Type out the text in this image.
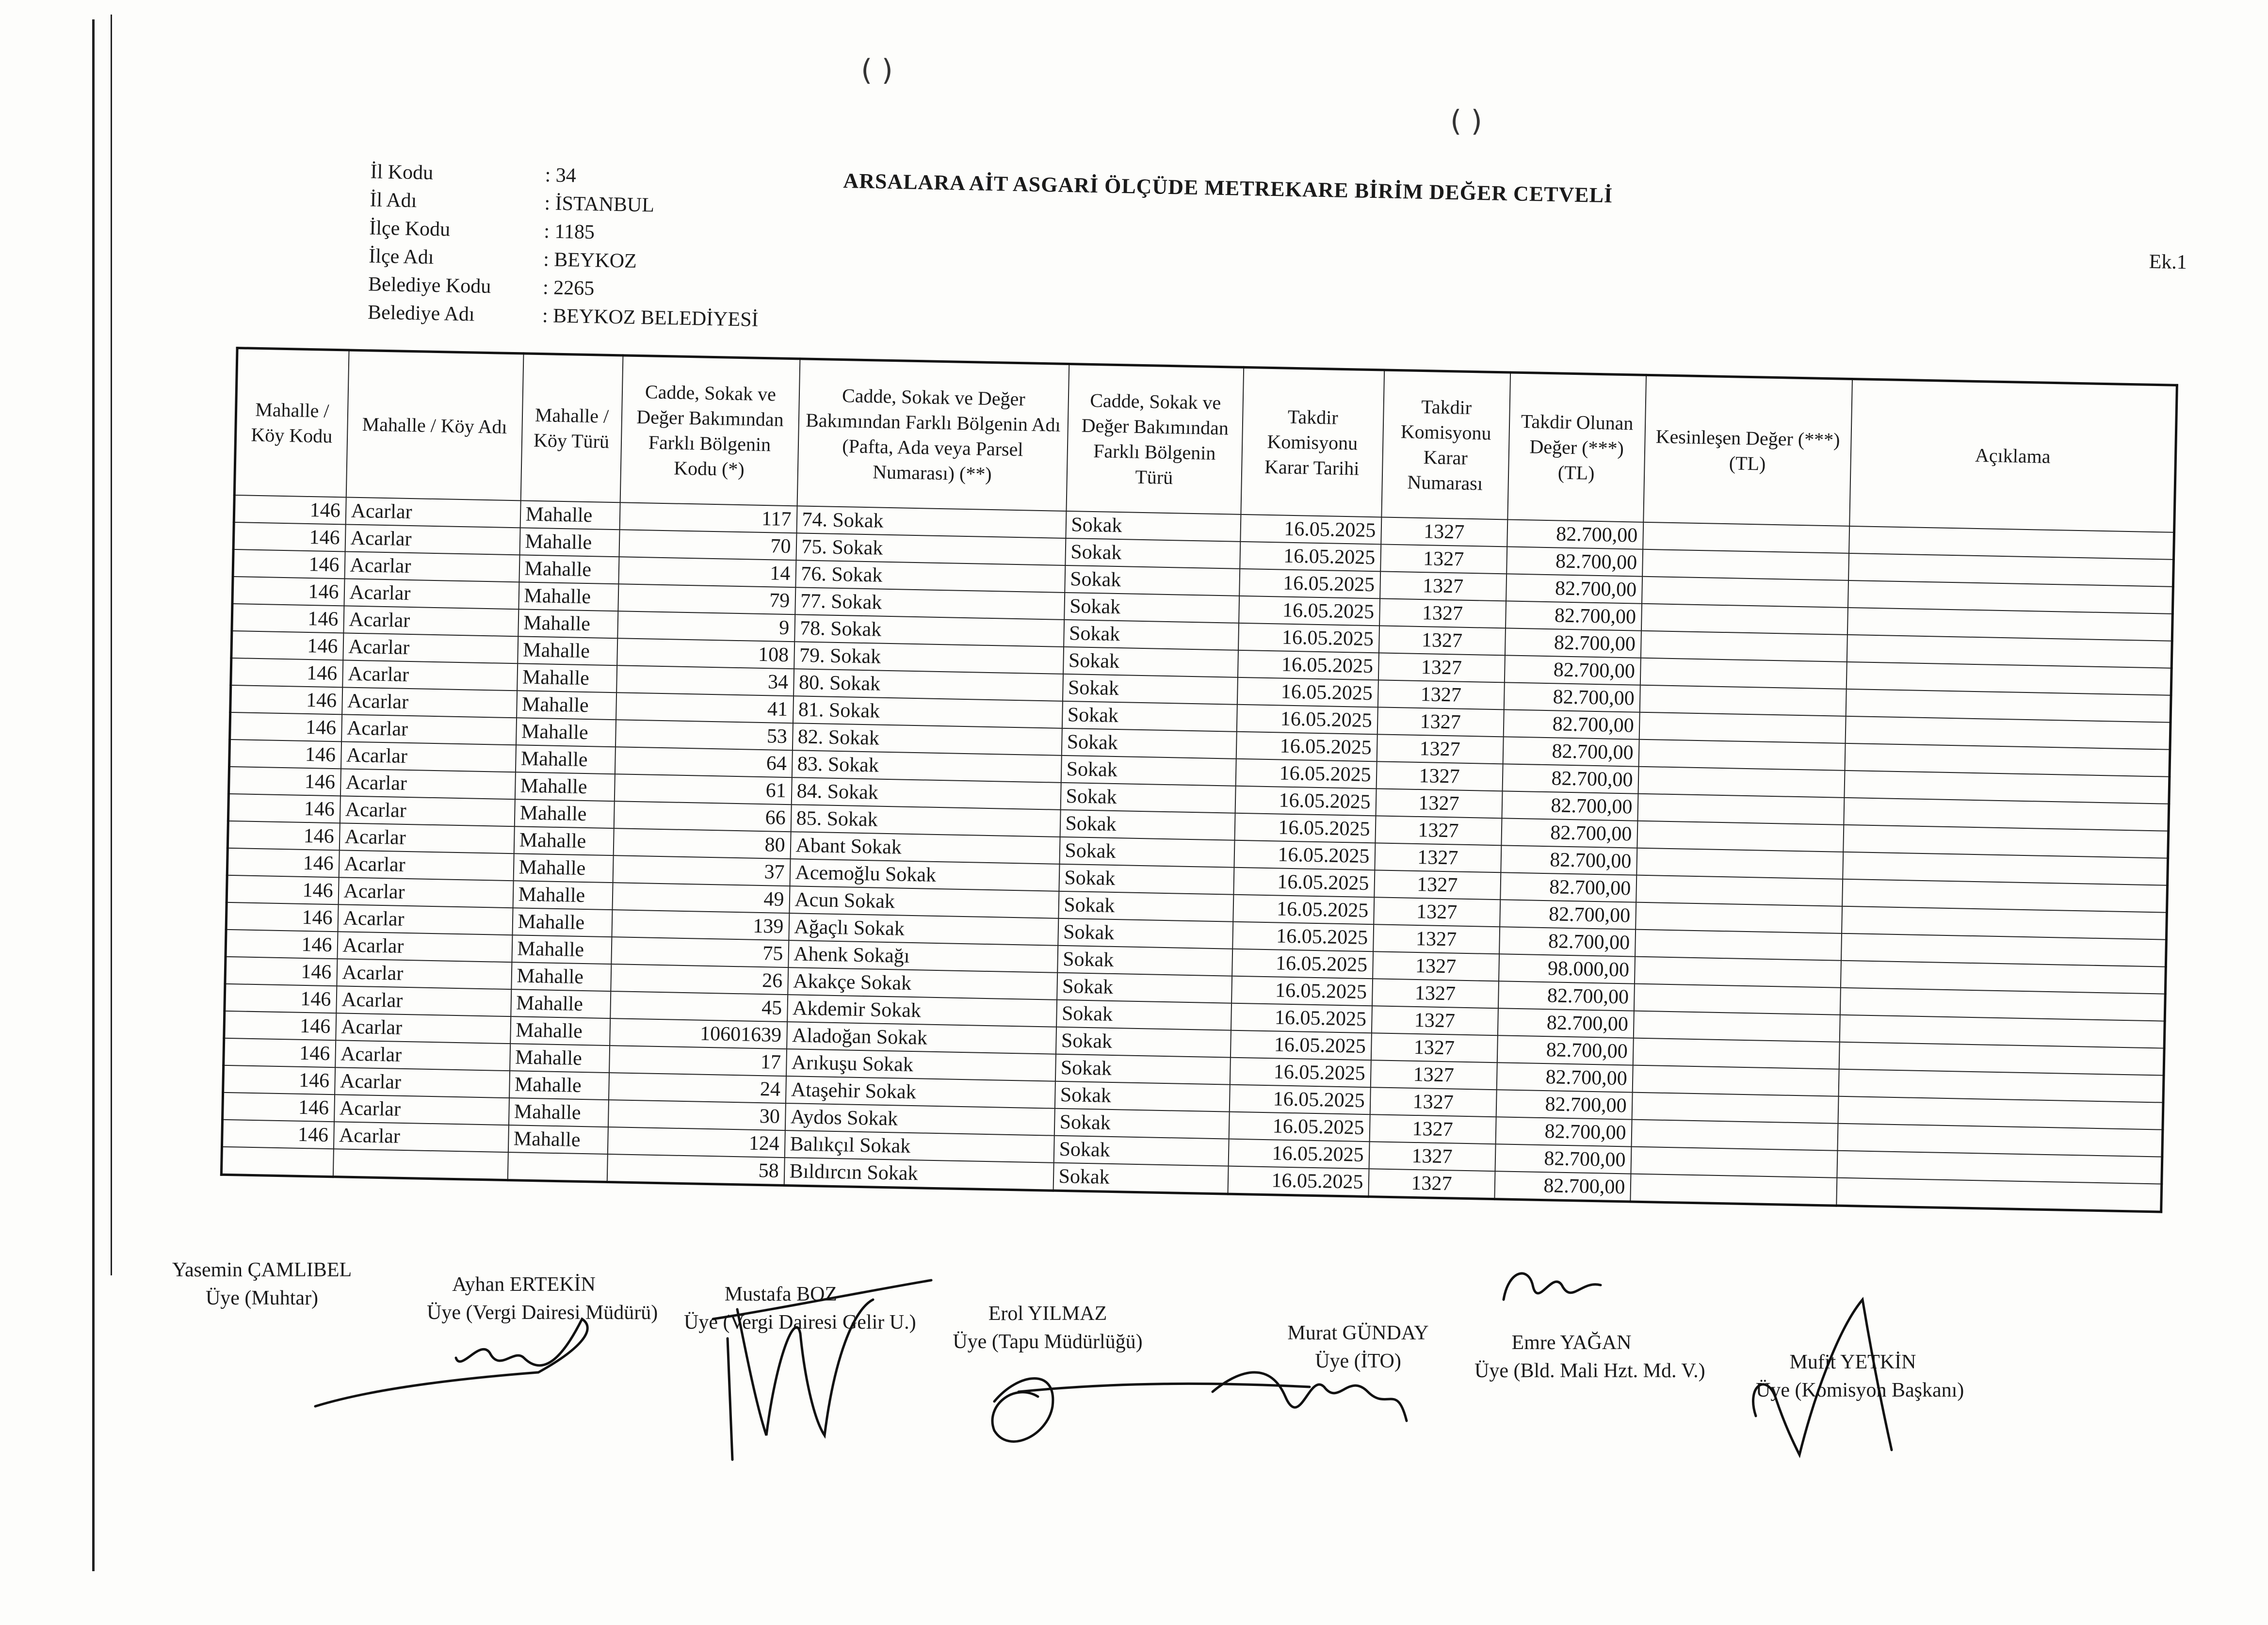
( )
( )
İl Kodu	: 34
İl Adı	: İSTANBUL
İlçe Kodu	: 1185
İlçe Adı	: BEYKOZ
Belediye Kodu	: 2265
Belediye Adı	: BEYKOZ BELEDİYESİ
ARSALARA AİT ASGARİ ÖLÇÜDE METREKARE BİRİM DEĞER CETVELİ
Ek.1
Mahalle / Köy Kodu	Mahalle / Köy Adı	Mahalle / Köy Türü	Cadde, Sokak ve Değer Bakımından Farklı Bölgenin Kodu (*)	Cadde, Sokak ve Değer Bakımından Farklı Bölgenin Adı (Pafta, Ada veya Parsel Numarası) (**)	Cadde, Sokak ve Değer Bakımından Farklı Bölgenin Türü	Takdir Komisyonu Karar Tarihi	Takdir Komisyonu Karar Numarası	Takdir Olunan Değer (***) (TL)	Kesinleşen Değer (***) (TL)	Açıklama
146	Acarlar	Mahalle	117	74. Sokak	Sokak	16.05.2025	1327	82.700,00		
146	Acarlar	Mahalle	70	75. Sokak	Sokak	16.05.2025	1327	82.700,00		
146	Acarlar	Mahalle	14	76. Sokak	Sokak	16.05.2025	1327	82.700,00		
146	Acarlar	Mahalle	79	77. Sokak	Sokak	16.05.2025	1327	82.700,00		
146	Acarlar	Mahalle	9	78. Sokak	Sokak	16.05.2025	1327	82.700,00		
146	Acarlar	Mahalle	108	79. Sokak	Sokak	16.05.2025	1327	82.700,00		
146	Acarlar	Mahalle	34	80. Sokak	Sokak	16.05.2025	1327	82.700,00		
146	Acarlar	Mahalle	41	81. Sokak	Sokak	16.05.2025	1327	82.700,00		
146	Acarlar	Mahalle	53	82. Sokak	Sokak	16.05.2025	1327	82.700,00		
146	Acarlar	Mahalle	64	83. Sokak	Sokak	16.05.2025	1327	82.700,00		
146	Acarlar	Mahalle	61	84. Sokak	Sokak	16.05.2025	1327	82.700,00		
146	Acarlar	Mahalle	66	85. Sokak	Sokak	16.05.2025	1327	82.700,00		
146	Acarlar	Mahalle	80	Abant Sokak	Sokak	16.05.2025	1327	82.700,00		
146	Acarlar	Mahalle	37	Acemoğlu Sokak	Sokak	16.05.2025	1327	82.700,00		
146	Acarlar	Mahalle	49	Acun Sokak	Sokak	16.05.2025	1327	82.700,00		
146	Acarlar	Mahalle	139	Ağaçlı Sokak	Sokak	16.05.2025	1327	82.700,00		
146	Acarlar	Mahalle	75	Ahenk Sokağı	Sokak	16.05.2025	1327	98.000,00		
146	Acarlar	Mahalle	26	Akakçe Sokak	Sokak	16.05.2025	1327	82.700,00		
146	Acarlar	Mahalle	45	Akdemir Sokak	Sokak	16.05.2025	1327	82.700,00		
146	Acarlar	Mahalle	10601639	Aladoğan Sokak	Sokak	16.05.2025	1327	82.700,00		
146	Acarlar	Mahalle	17	Arıkuşu Sokak	Sokak	16.05.2025	1327	82.700,00		
146	Acarlar	Mahalle	24	Ataşehir Sokak	Sokak	16.05.2025	1327	82.700,00		
146	Acarlar	Mahalle	30	Aydos Sokak	Sokak	16.05.2025	1327	82.700,00		
146	Acarlar	Mahalle	124	Balıkçıl Sokak	Sokak	16.05.2025	1327	82.700,00		
			58	Bıldırcın Sokak	Sokak	16.05.2025	1327	82.700,00		
Yasemin ÇAMLIBEL
Üye (Muhtar)
Ayhan ERTEKİN
Üye (Vergi Dairesi Müdürü)
Mustafa BOZ
Üye (Vergi Dairesi Gelir U.)	Erol YILMAZ
Üye (Tapu Müdürlüğü)	Murat GÜNDAY
Üye (İTO)
Emre YAĞAN
Üye (Bld. Mali Hzt. Md. V.)	Mufit YETKİN
Üye (Komisyon Başkanı)
